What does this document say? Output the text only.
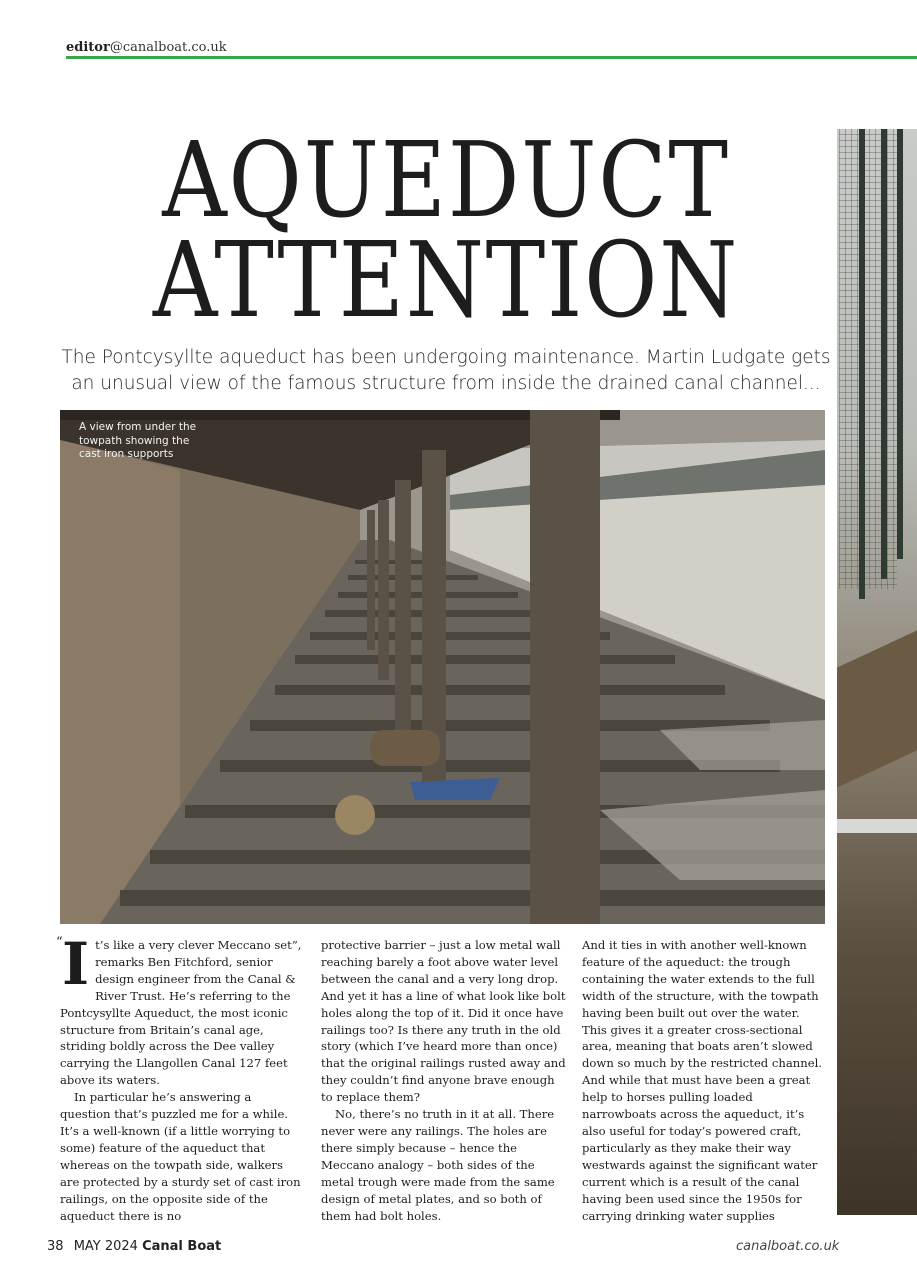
editor@canalboat.co.uk
AQUEDUCT
ATTENTION
The Pontcysyllte aqueduct has been undergoing maintenance. Martin Ludgate gets
an unusual view of the famous structure from inside the drained canal channel...
A view from under the
towpath showing the
cast iron supports
“ I t’s like a very clever Meccano set”, remarks Ben Fitchford, senior design engineer from the Canal & River Trust. He’s referring to the Pontcysyllte Aqueduct, the most iconic structure from Britain’s canal age, striding boldly across the Dee valley carrying the Llangollen Canal 127 feet above its waters.

In particular he’s answering a question that’s puzzled me for a while. It’s a well-known (if a little worrying to some) feature of the aqueduct that whereas on the towpath side, walkers are protected by a sturdy set of cast iron railings, on the opposite side of the aqueduct there is no

protective barrier – just a low metal wall reaching barely a foot above water level between the canal and a very long drop. And yet it has a line of what look like bolt holes along the top of it. Did it once have railings too? Is there any truth in the old story (which I’ve heard more than once) that the original railings rusted away and they couldn’t find anyone brave enough to replace them?

No, there’s no truth in it at all. There never were any railings. The holes are there simply because – hence the Meccano analogy – both sides of the metal trough were made from the same design of metal plates, and so both of them had bolt holes.

And it ties in with another well-known feature of the aqueduct: the trough containing the water extends to the full width of the structure, with the towpath having been built out over the water. This gives it a greater cross-sectional area, meaning that boats aren’t slowed down so much by the restricted channel. And while that must have been a great help to horses pulling loaded narrowboats across the aqueduct, it’s also useful for today’s powered craft, particularly as they make their way westwards against the significant water current which is a result of the canal having been used since the 1950s for carrying drinking water supplies

38 MAY 2024 Canal Boat	canalboat.co.uk
